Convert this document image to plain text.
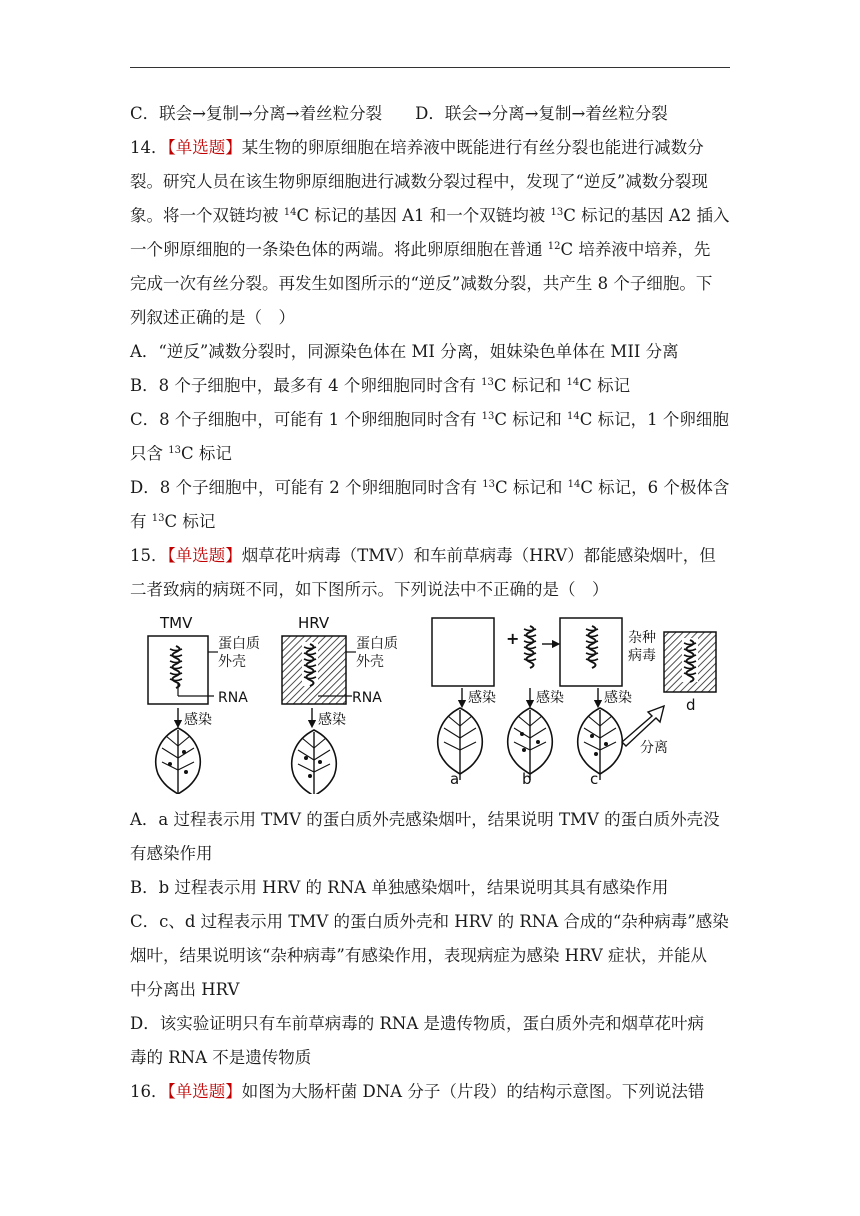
C．联会→复制→分离→着丝粒分裂　　D．联会→分离→复制→着丝粒分裂
14．【单选题】某生物的卵原细胞在培养液中既能进行有丝分裂也能进行减数分
裂。研究人员在该生物卵原细胞进行减数分裂过程中，发现了“逆反”减数分裂现
象。将一个双链均被 $^{14}$C 标记的基因 A1 和一个双链均被 $^{13}$C 标记的基因 A2 插入
一个卵原细胞的一条染色体的两端。将此卵原细胞在普通 $^{12}$C 培养液中培养，先
完成一次有丝分裂。再发生如图所示的“逆反”减数分裂，共产生 8 个子细胞。下
列叙述正确的是（　）
A．“逆反”减数分裂时，同源染色体在 MI 分离，姐妹染色单体在 MII 分离
B．8 个子细胞中，最多有 4 个卵细胞同时含有 $^{13}$C 标记和 $^{14}$C 标记
C．8 个子细胞中，可能有 1 个卵细胞同时含有 $^{13}$C 标记和 $^{14}$C 标记，1 个卵细胞
只含 $^{13}$C 标记
D．8 个子细胞中，可能有 2 个卵细胞同时含有 $^{13}$C 标记和 $^{14}$C 标记，6 个极体含
有 $^{13}$C 标记
15．【单选题】烟草花叶病毒（TMV）和车前草病毒（HRV）都能感染烟叶，但
二者致病的病斑不同，如下图所示。下列说法中不正确的是（　）
TMV
蛋白质
外壳
RNA
感染
HRV
蛋白质
外壳
RNA
感染
+	杂种
病毒
d
感染	感染	感染
a	b	c
分离
A．a 过程表示用 TMV 的蛋白质外壳感染烟叶，结果说明 TMV 的蛋白质外壳没
有感染作用
B．b 过程表示用 HRV 的 RNA 单独感染烟叶，结果说明其具有感染作用
C．c、d 过程表示用 TMV 的蛋白质外壳和 HRV 的 RNA 合成的“杂种病毒”感染
烟叶，结果说明该“杂种病毒”有感染作用，表现病症为感染 HRV 症状，并能从
中分离出 HRV
D．该实验证明只有车前草病毒的 RNA 是遗传物质，蛋白质外壳和烟草花叶病
毒的 RNA 不是遗传物质
16．【单选题】如图为大肠杆菌 DNA 分子（片段）的结构示意图。下列说法错
